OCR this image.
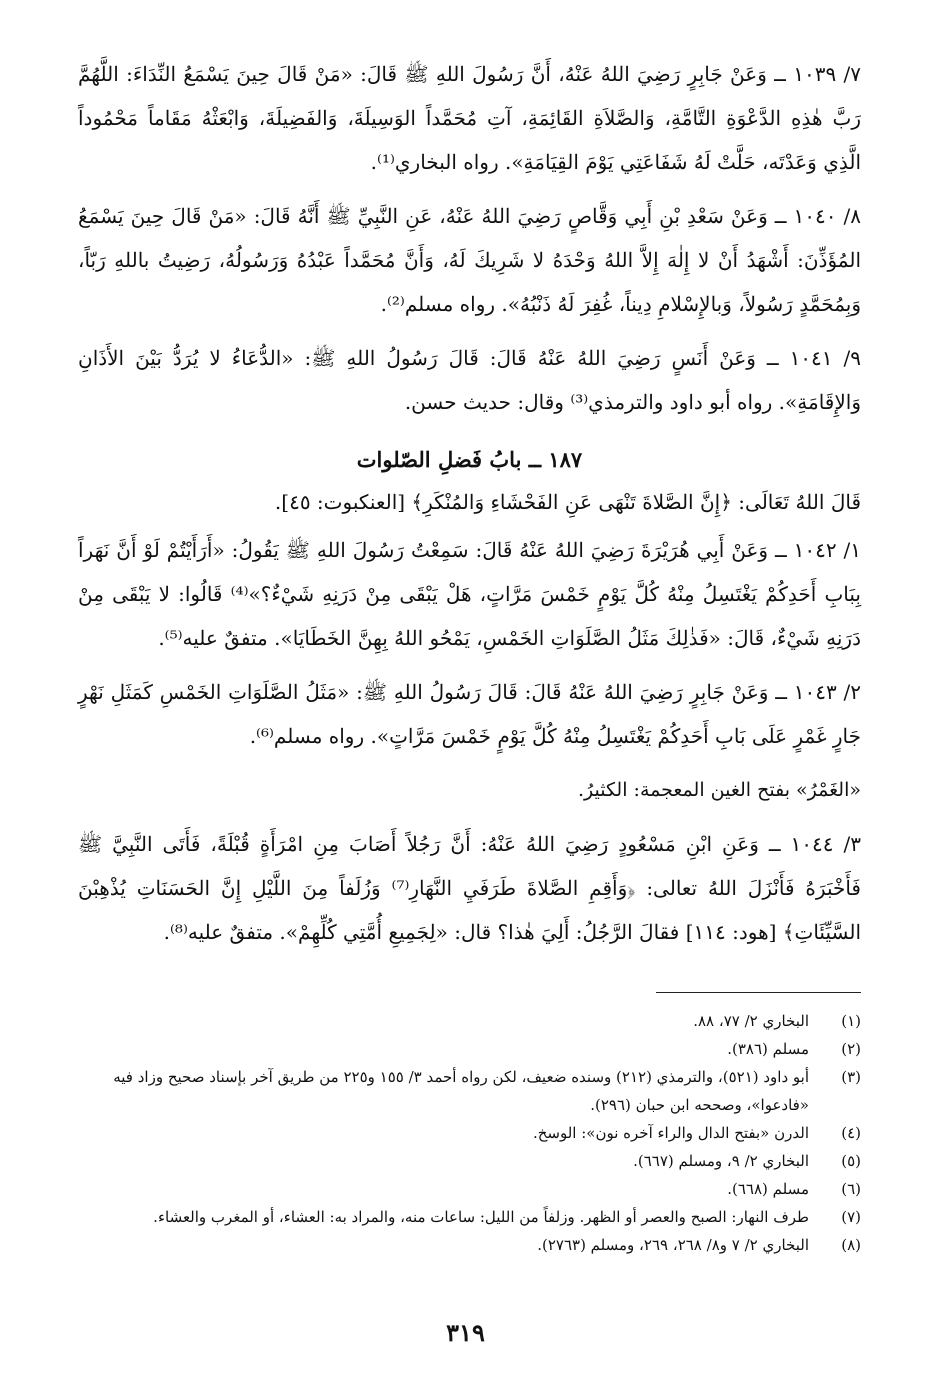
٧/ ١٠٣٩ ــ وَعَنْ جَابِرٍ رَضِيَ اللهُ عَنْهُ، أَنَّ رَسُولَ اللهِ ﷺ قَالَ: «مَنْ قَالَ حِينَ يَسْمَعُ النِّدَاءَ: اللَّهُمَّ رَبَّ هٰذِهِ الدَّعْوَةِ التَّامَّةِ، وَالصَّلاَةِ القَائِمَةِ، آتِ مُحَمَّداً الوَسِيلَةَ، وَالفَضِيلَةَ، وَابْعَثْهُ مَقَاماً مَحْمُوداً الَّذِي وَعَدْتَه، حَلَّتْ لَهُ شَفَاعَتِي يَوْمَ القِيَامَةِ». رواه البخاري⁽¹⁾.

٨/ ١٠٤٠ ــ وَعَنْ سَعْدِ بْنِ أَبِي وَقَّاصٍ رَضِيَ اللهُ عَنْهُ، عَنِ النَّبِيِّ ﷺ أَنَّهُ قَالَ: «مَنْ قَالَ حِينَ يَسْمَعُ المُؤَذِّنَ: أَشْهَدُ أَنْ لا إِلٰهَ إِلاَّ اللهُ وَحْدَهُ لا شَرِيكَ لَهُ، وَأَنَّ مُحَمَّداً عَبْدُهُ وَرَسُولُهُ، رَضِيتُ باللهِ رَبّاً، وَبِمُحَمَّدٍ رَسُولاً، وَبالإِسْلامِ دِيناً، غُفِرَ لَهُ ذَنْبُهُ». رواه مسلم⁽²⁾.

٩/ ١٠٤١ ــ وَعَنْ أَنَسٍ رَضِيَ اللهُ عَنْهُ قَالَ: قَالَ رَسُولُ اللهِ ﷺ: «الدُّعَاءُ لا يُرَدُّ بَيْنَ الأَذَانِ وَالإِقَامَةِ». رواه أبو داود والترمذي⁽³⁾ وقال: حديث حسن.

١٨٧ ــ بابُ فَضلِ الصّلوات

قَالَ اللهُ تَعَالَى: ﴿إِنَّ الصَّلاةَ تَنْهَى عَنِ الفَحْشَاءِ وَالمُنْكَرِ﴾ [العنكبوت: ٤٥].

١/ ١٠٤٢ ــ وَعَنْ أَبِي هُرَيْرَةَ رَضِيَ اللهُ عَنْهُ قَالَ: سَمِعْتُ رَسُولَ اللهِ ﷺ يَقُولُ: «أَرَأَيْتُمْ لَوْ أَنَّ نَهَراً بِبَابِ أَحَدِكُمْ يَغْتَسِلُ مِنْهُ كُلَّ يَوْمٍ خَمْسَ مَرَّاتٍ، هَلْ يَبْقَى مِنْ دَرَنِهِ شَيْءٌ؟»⁽⁴⁾ قَالُوا: لا يَبْقَى مِنْ دَرَنِهِ شَيْءٌ، قَالَ: «فَذٰلِكَ مَثَلُ الصَّلَوَاتِ الخَمْسِ، يَمْحُو اللهُ بِهِنَّ الخَطَايَا». متفقٌ عليه⁽⁵⁾.

٢/ ١٠٤٣ ــ وَعَنْ جَابِرٍ رَضِيَ اللهُ عَنْهُ قَالَ: قَالَ رَسُولُ اللهِ ﷺ: «مَثَلُ الصَّلَوَاتِ الخَمْسِ كَمَثَلِ نَهْرٍ جَارٍ غَمْرٍ عَلَى بَابِ أَحَدِكُمْ يَغْتَسِلُ مِنْهُ كُلَّ يَوْمٍ خَمْسَ مَرَّاتٍ». رواه مسلم⁽⁶⁾.

«الغَمْرُ» بفتح الغين المعجمة: الكثيرُ.

٣/ ١٠٤٤ ــ وَعَنِ ابْنِ مَسْعُودٍ رَضِيَ اللهُ عَنْهُ: أَنَّ رَجُلاً أَصَابَ مِنِ امْرَأَةٍ قُبْلَةً، فَأَتَى النَّبِيَّ ﷺ فَأَخْبَرَهُ فَأَنْزَلَ اللهُ تعالى: ﴿وَأَقِمِ الصَّلاةَ طَرَفَيِ النَّهَارِ⁽⁷⁾ وَزُلَفاً مِنَ اللَّيْلِ إِنَّ الحَسَنَاتِ يُذْهِبْنَ السَّيِّئَاتِ﴾ [هود: ١١٤] فقالَ الرَّجُلُ: أَلِيَ هٰذا؟ قال: «لِجَمِيعِ أُمَّتِي كُلِّهِمْ». متفقٌ عليه⁽⁸⁾.

(١)
البخاري ٢/ ٧٧، ٨٨.
(٢)
مسلم (٣٨٦).
(٣)
أبو داود (٥٢١)، والترمذي (٢١٢) وسنده ضعيف، لكن رواه أحمد ٣/ ١٥٥ و٢٢٥ من طريق آخر بإسناد صحيح وزاد فيه «فادعوا»، وصححه ابن حبان (٢٩٦).
(٤)
الدرن «بفتح الدال والراء آخره نون»: الوسخ.
(٥)
البخاري ٢/ ٩، ومسلم (٦٦٧).
(٦)
مسلم (٦٦٨).
(٧)
طرف النهار: الصبح والعصر أو الظهر. وزلفاً من الليل: ساعات منه، والمراد به: العشاء، أو المغرب والعشاء.
(٨)
البخاري ٢/ ٧ و٨/ ٢٦٨، ٢٦٩، ومسلم (٢٧٦٣).
٣١٩
